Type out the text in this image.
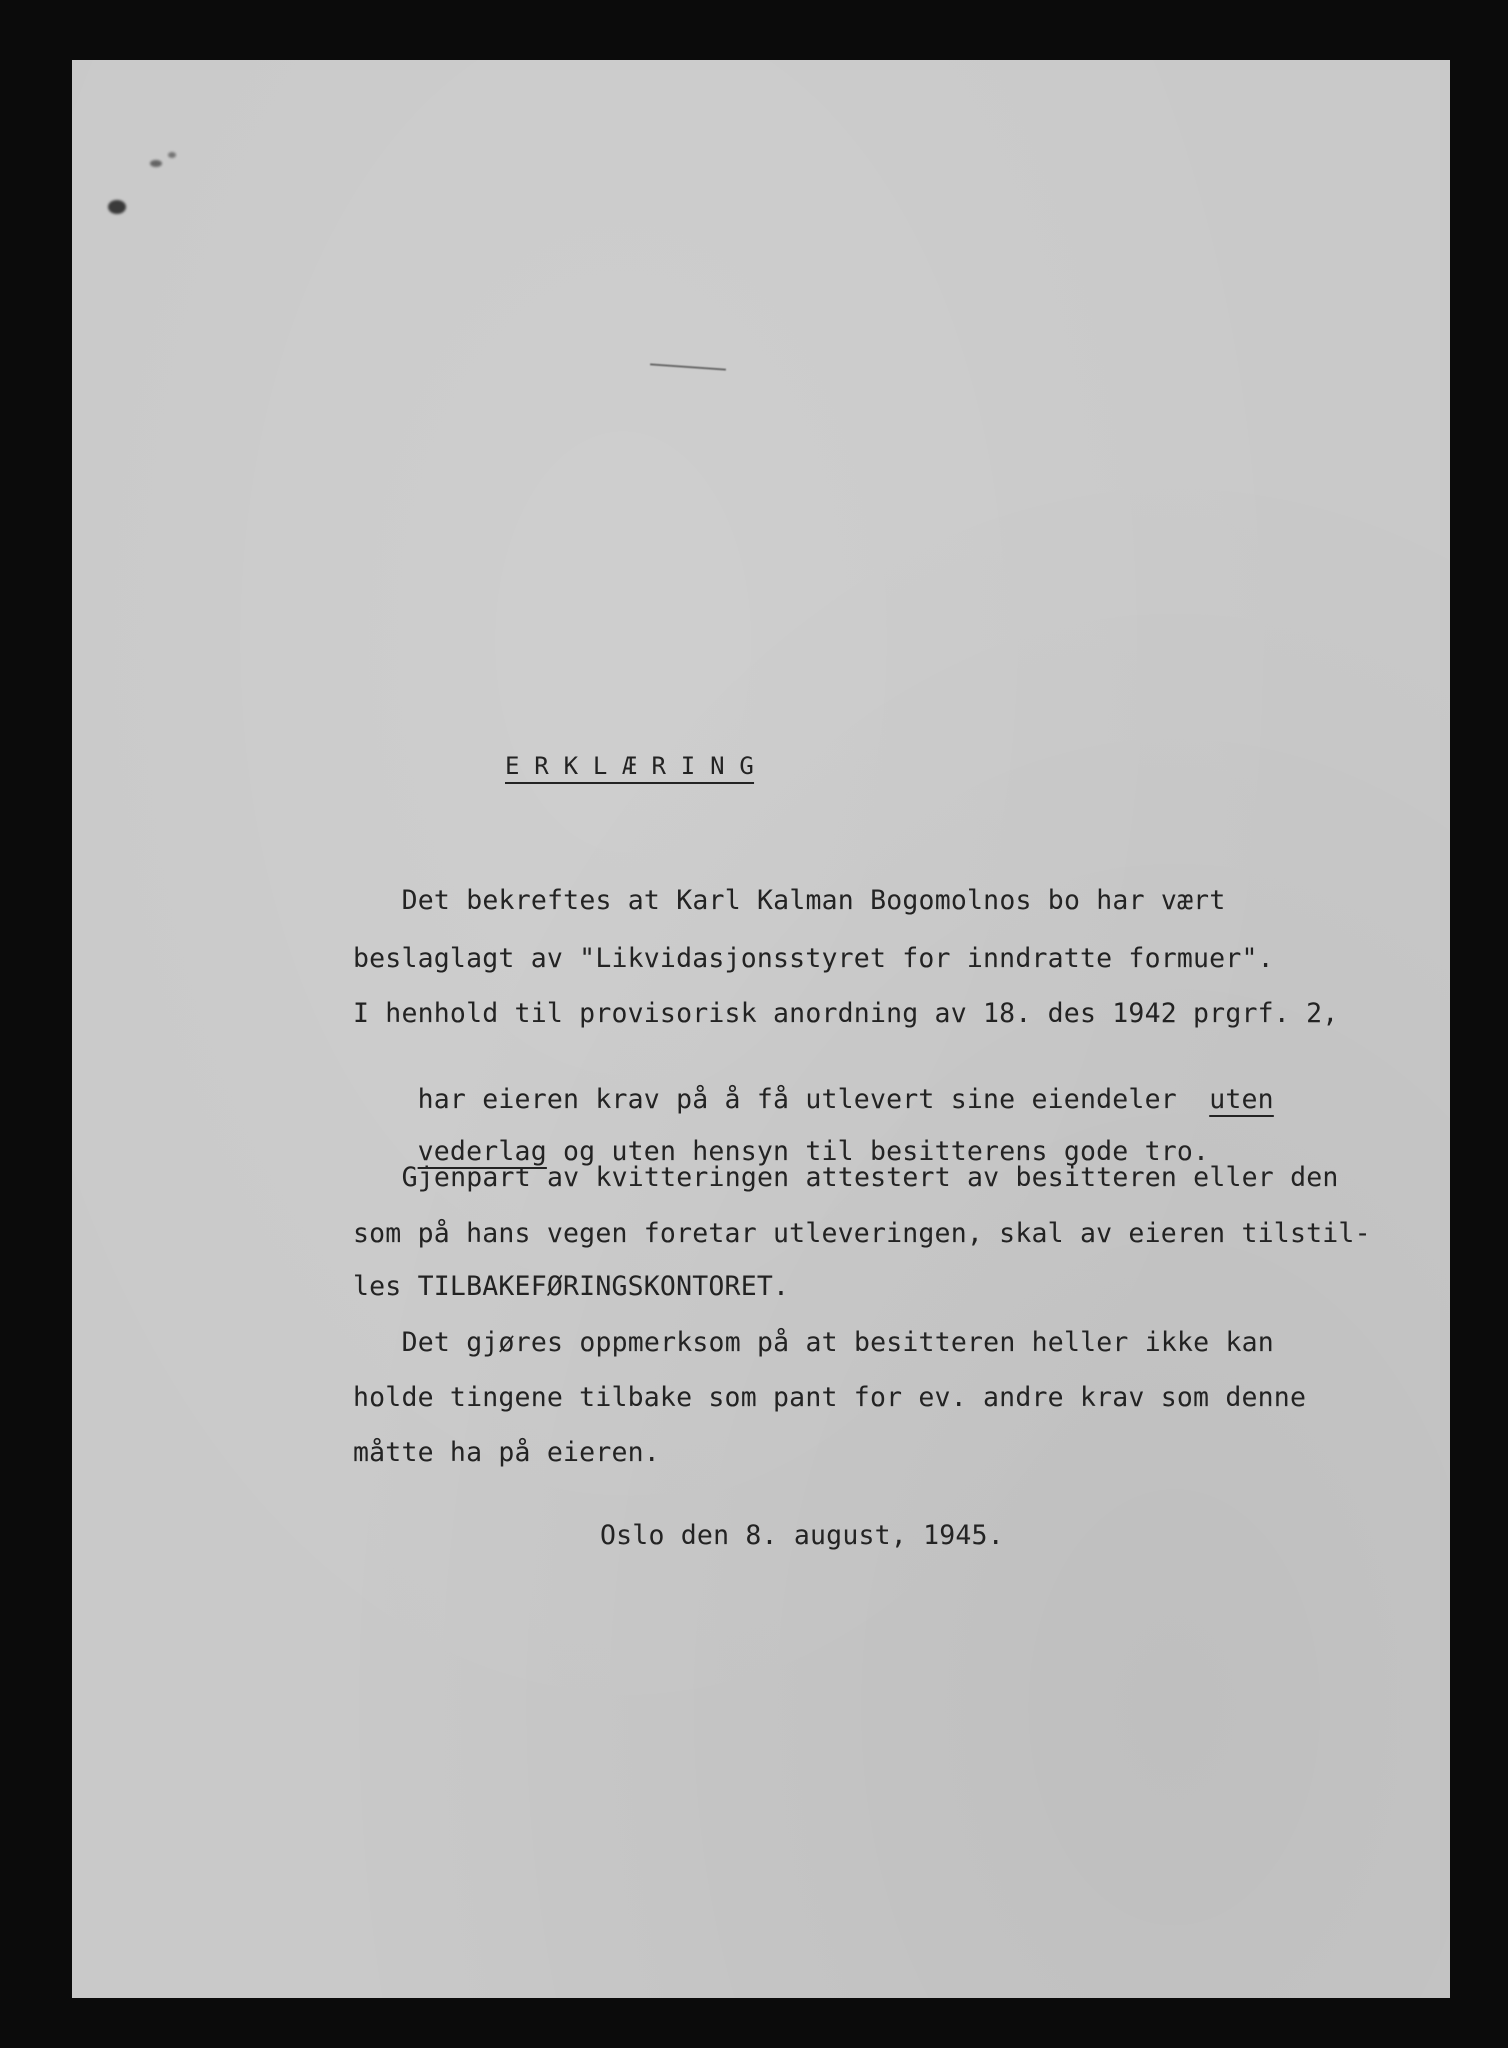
E R K L Æ R I N G
Det bekreftes at Karl Kalman Bogomolnos bo har vært
beslaglagt av "Likvidasjonsstyret for inndratte formuer".
I henhold til provisorisk anordning av 18. des 1942 prgrf. 2,

har eieren krav på å få utlevert sine eiendeler  uten

vederlag og uten hensyn til besitterens gode tro.

Gjenpart av kvitteringen attestert av besitteren eller den
som på hans vegen foretar utleveringen, skal av eieren tilstil-
les TILBAKEFØRINGSKONTORET.
Det gjøres oppmerksom på at besitteren heller ikke kan
holde tingene tilbake som pant for ev. andre krav som denne
måtte ha på eieren.
Oslo den 8. august, 1945.
